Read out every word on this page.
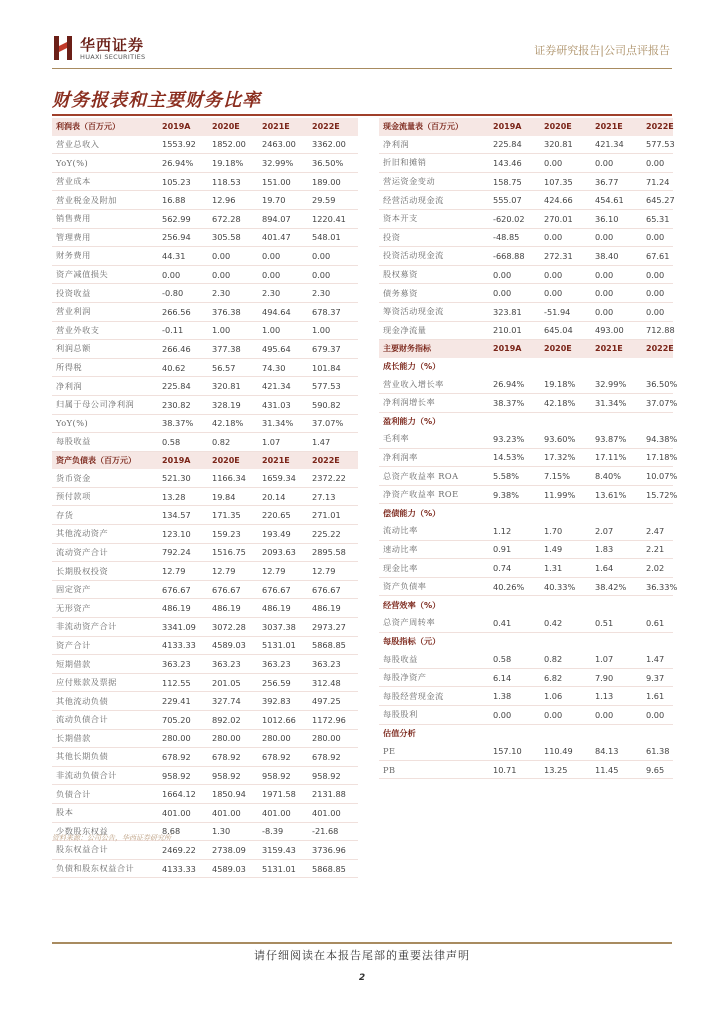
华西证券
HUAXI SECURITIES	证券研究报告|公司点评报告
财务报表和主要财务比率
利润表（百万元）	2019A	2020E	2021E	2022E
营业总收入	1553.92	1852.00	2463.00	3362.00
YoY(%)	26.94%	19.18%	32.99%	36.50%
营业成本	105.23	118.53	151.00	189.00
营业税金及附加	16.88	12.96	19.70	29.59
销售费用	562.99	672.28	894.07	1220.41
管理费用	256.94	305.58	401.47	548.01
财务费用	44.31	0.00	0.00	0.00
资产减值损失	0.00	0.00	0.00	0.00
投资收益	-0.80	2.30	2.30	2.30
营业利润	266.56	376.38	494.64	678.37
营业外收支	-0.11	1.00	1.00	1.00
利润总额	266.46	377.38	495.64	679.37
所得税	40.62	56.57	74.30	101.84
净利润	225.84	320.81	421.34	577.53
归属于母公司净利润	230.82	328.19	431.03	590.82
YoY(%)	38.37%	42.18%	31.34%	37.07%
每股收益	0.58	0.82	1.07	1.47
资产负债表（百万元）	2019A	2020E	2021E	2022E
货币资金	521.30	1166.34	1659.34	2372.22
预付款项	13.28	19.84	20.14	27.13
存货	134.57	171.35	220.65	271.01
其他流动资产	123.10	159.23	193.49	225.22
流动资产合计	792.24	1516.75	2093.63	2895.58
长期股权投资	12.79	12.79	12.79	12.79
固定资产	676.67	676.67	676.67	676.67
无形资产	486.19	486.19	486.19	486.19
非流动资产合计	3341.09	3072.28	3037.38	2973.27
资产合计	4133.33	4589.03	5131.01	5868.85
短期借款	363.23	363.23	363.23	363.23
应付账款及票据	112.55	201.05	256.59	312.48
其他流动负债	229.41	327.74	392.83	497.25
流动负债合计	705.20	892.02	1012.66	1172.96
长期借款	280.00	280.00	280.00	280.00
其他长期负债	678.92	678.92	678.92	678.92
非流动负债合计	958.92	958.92	958.92	958.92
负债合计	1664.12	1850.94	1971.58	2131.88
股本	401.00	401.00	401.00	401.00
少数股东权益	8.68	1.30	-8.39	-21.68
股东权益合计	2469.22	2738.09	3159.43	3736.96
负债和股东权益合计	4133.33	4589.03	5131.01	5868.85
现金流量表（百万元）	2019A	2020E	2021E	2022E
净利润	225.84	320.81	421.34	577.53
折旧和摊销	143.46	0.00	0.00	0.00
营运资金变动	158.75	107.35	36.77	71.24
经营活动现金流	555.07	424.66	454.61	645.27
资本开支	-620.02	270.01	36.10	65.31
投资	-48.85	0.00	0.00	0.00
投资活动现金流	-668.88	272.31	38.40	67.61
股权募资	0.00	0.00	0.00	0.00
债务募资	0.00	0.00	0.00	0.00
筹资活动现金流	323.81	-51.94	0.00	0.00
现金净流量	210.01	645.04	493.00	712.88
主要财务指标	2019A	2020E	2021E	2022E
成长能力（%）				
营业收入增长率	26.94%	19.18%	32.99%	36.50%
净利润增长率	38.37%	42.18%	31.34%	37.07%
盈利能力（%）				
毛利率	93.23%	93.60%	93.87%	94.38%
净利润率	14.53%	17.32%	17.11%	17.18%
总资产收益率 ROA	5.58%	7.15%	8.40%	10.07%
净资产收益率 ROE	9.38%	11.99%	13.61%	15.72%
偿债能力（%）				
流动比率	1.12	1.70	2.07	2.47
速动比率	0.91	1.49	1.83	2.21
现金比率	0.74	1.31	1.64	2.02
资产负债率	40.26%	40.33%	38.42%	36.33%
经营效率（%）				
总资产周转率	0.41	0.42	0.51	0.61
每股指标（元）				
每股收益	0.58	0.82	1.07	1.47
每股净资产	6.14	6.82	7.90	9.37
每股经营现金流	1.38	1.06	1.13	1.61
每股股利	0.00	0.00	0.00	0.00
估值分析				
PE	157.10	110.49	84.13	61.38
PB	10.71	13.25	11.45	9.65
资料来源：公司公告，华西证券研究所
请仔细阅读在本报告尾部的重要法律声明
2
